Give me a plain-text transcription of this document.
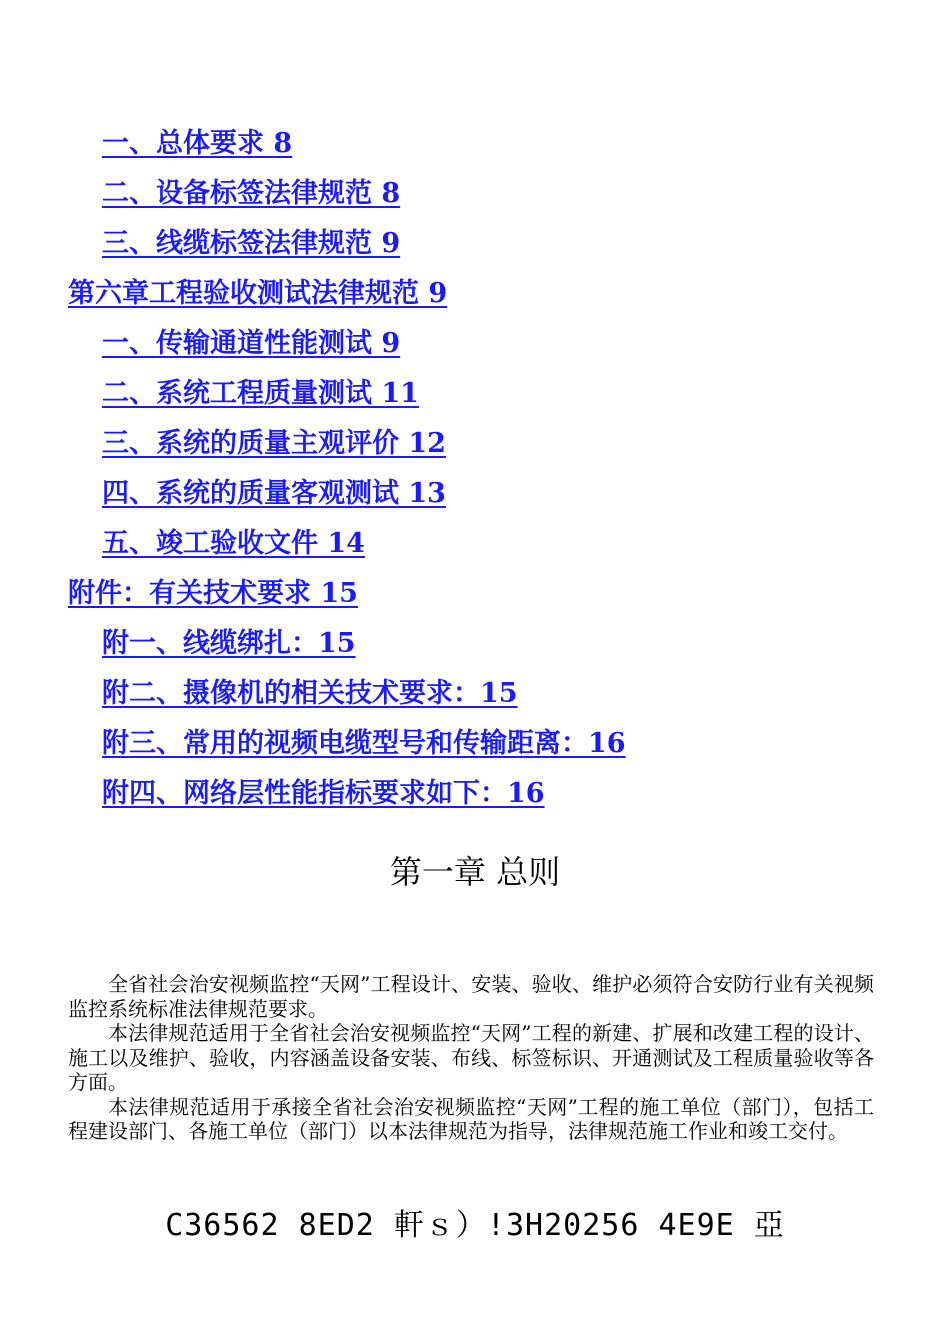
一、总体要求 8
二、设备标签法律规范 8
三、线缆标签法律规范 9
第六章工程验收测试法律规范 9
一、传输通道性能测试 9
二、系统工程质量测试 11
三、系统的质量主观评价 12
四、系统的质量客观测试 13
五、竣工验收文件 14
附件：有关技术要求 15
附一、线缆绑扎：15
附二、摄像机的相关技术要求：15
附三、常用的视频电缆型号和传输距离：16
附四、网络层性能指标要求如下：16
第一章 总则

全省社会治安视频监控“天网”工程设计、安装、验收、维护必须符合安防行业有关视频监控系统标准法律规范要求。

本法律规范适用于全省社会治安视频监控“天网”工程的新建、扩展和改建工程的设计、施工以及维护、验收，内容涵盖设备安装、布线、标签标识、开通测试及工程质量验收等各方面。

本法律规范适用于承接全省社会治安视频监控“天网”工程的施工单位（部门），包括工程建设部门、各施工单位（部门）以本法律规范为指导，法律规范施工作业和竣工交付。

C36562 8ED2 軒ｓ）!3H20256 4E9E 亞
